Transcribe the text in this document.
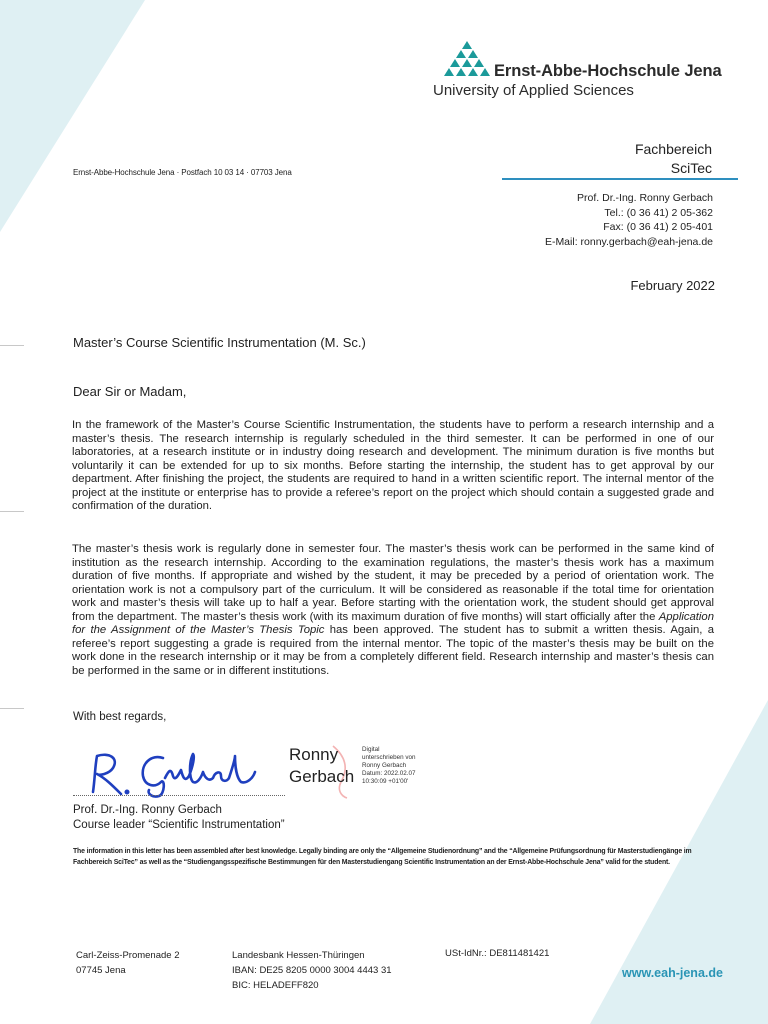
Ernst-Abbe-Hochschule Jena
University of Applied Sciences
Fachbereich
SciTec
Ernst-Abbe-Hochschule Jena · Postfach 10 03 14 · 07703 Jena
Prof. Dr.-Ing. Ronny Gerbach
Tel.: (0 36 41) 2 05-362
Fax: (0 36 41) 2 05-401
E-Mail: ronny.gerbach@eah-jena.de
February 2022
Master’s Course Scientific Instrumentation (M. Sc.)
Dear Sir or Madam,
In the framework of the Master’s Course Scientific Instrumentation, the students have to perform a research internship and a master’s thesis. The research internship is regularly scheduled in the third semester. It can be performed in one of our laboratories, at a research institute or in industry doing research and development. The minimum duration is five months but voluntarily it can be extended for up to six months. Before starting the internship, the student has to get approval by our department. After finishing the project, the students are required to hand in a written scientific report. The internal mentor of the project at the institute or enterprise has to provide a referee’s report on the project which should contain a suggested grade and confirmation of the duration.
The master’s thesis work is regularly done in semester four. The master’s thesis work can be performed in the same kind of institution as the research internship. According to the examination regulations, the master’s thesis work has a maximum duration of five months. If appropriate and wished by the student, it may be preceded by a period of orientation work. The orientation work is not a compulsory part of the curriculum. It will be considered as reasonable if the total time for orientation work and master’s thesis will take up to half a year. Before starting with the orientation work, the student should get approval from the department. The master’s thesis work (with its maximum duration of five months) will start officially after the Application for the Assignment of the Master’s Thesis Topic has been approved. The student has to submit a written thesis. Again, a referee’s report suggesting a grade is required from the internal mentor. The topic of the master’s thesis may be built on the work done in the research internship or it may be from a completely different field. Research internship and master’s thesis can be performed in the same or in different institutions.
With best regards,
Ronny
Gerbach
Digital
unterschrieben von
Ronny Gerbach
Datum: 2022.02.07
10:30:09 +01'00'
Prof. Dr.-Ing. Ronny Gerbach
Course leader “Scientific Instrumentation”
The information in this letter has been assembled after best knowledge. Legally binding are only the “Allgemeine Studienordnung” and the “Allgemeine Prüfungsordnung für Masterstudiengänge im Fachbereich SciTec” as well as the “Studiengangsspezifische Bestimmungen für den Masterstudiengang Scientific Instrumentation an der Ernst-Abbe-Hochschule Jena” valid for the student.
Carl-Zeiss-Promenade 2
07745 Jena
Landesbank Hessen-Thüringen
IBAN: DE25 8205 0000 3004 4443 31
BIC: HELADEFF820
USt-IdNr.: DE811481421
www.eah-jena.de
